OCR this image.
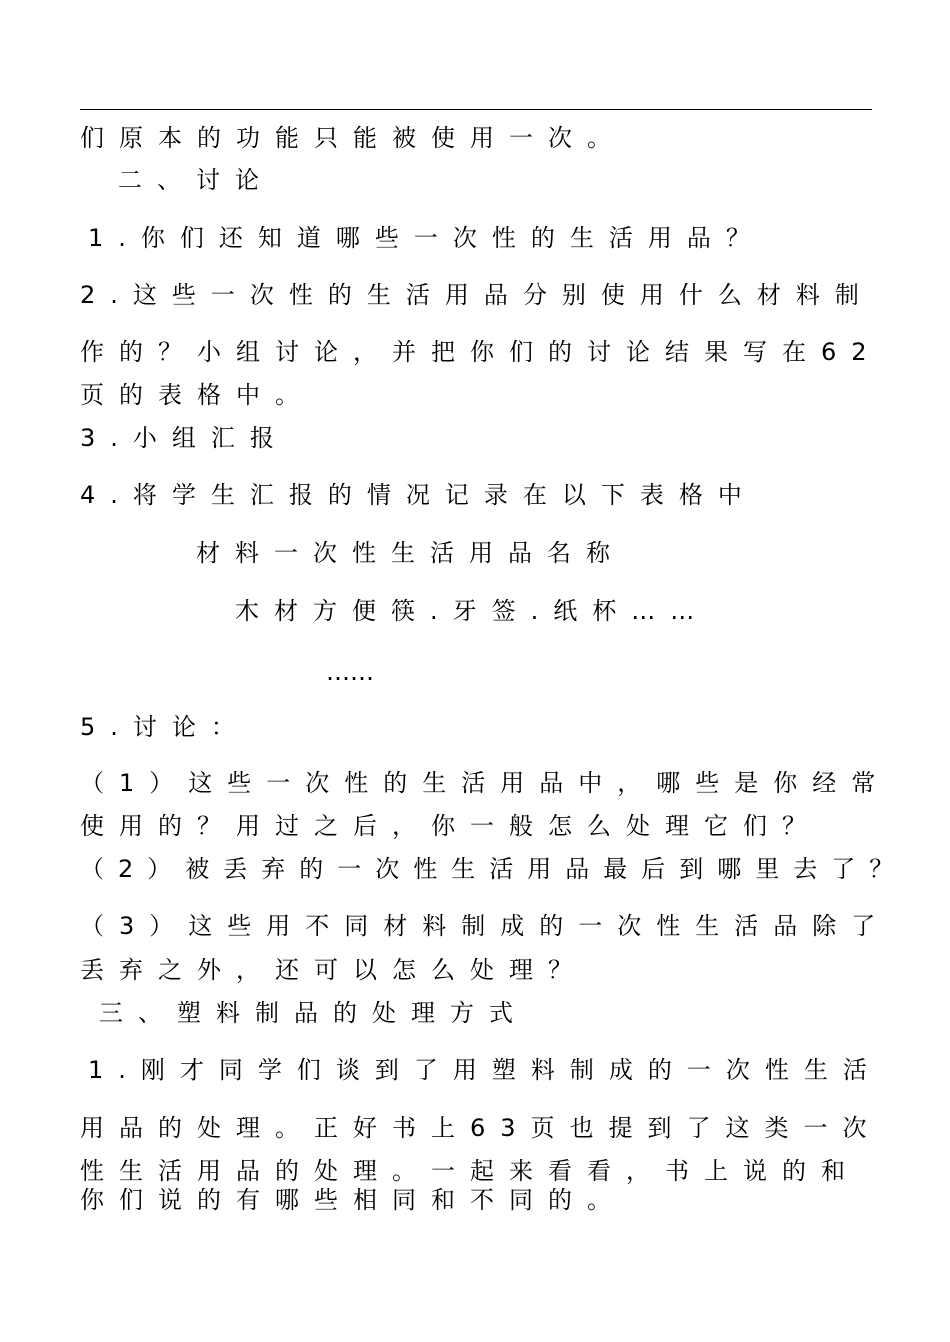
们原本的功能只能被使用一次。
二、讨论
1.你们还知道哪些一次性的生活用品？
2.这些一次性的生活用品分别使用什么材料制
作的？小组讨论，并把你们的讨论结果写在62
页的表格中。
3.小组汇报
4.将学生汇报的情况记录在以下表格中
材料一次性生活用品名称
木材方便筷.牙签.纸杯……
……
5.讨论：
（1）这些一次性的生活用品中，哪些是你经常
使用的？用过之后，你一般怎么处理它们？
（2）被丢弃的一次性生活用品最后到哪里去了？
（3）这些用不同材料制成的一次性生活品除了
丢弃之外，还可以怎么处理？
三、塑料制品的处理方式
1.刚才同学们谈到了用塑料制成的一次性生活
用品的处理。正好书上63页也提到了这类一次
性生活用品的处理。一起来看看，书上说的和
你们说的有哪些相同和不同的。
